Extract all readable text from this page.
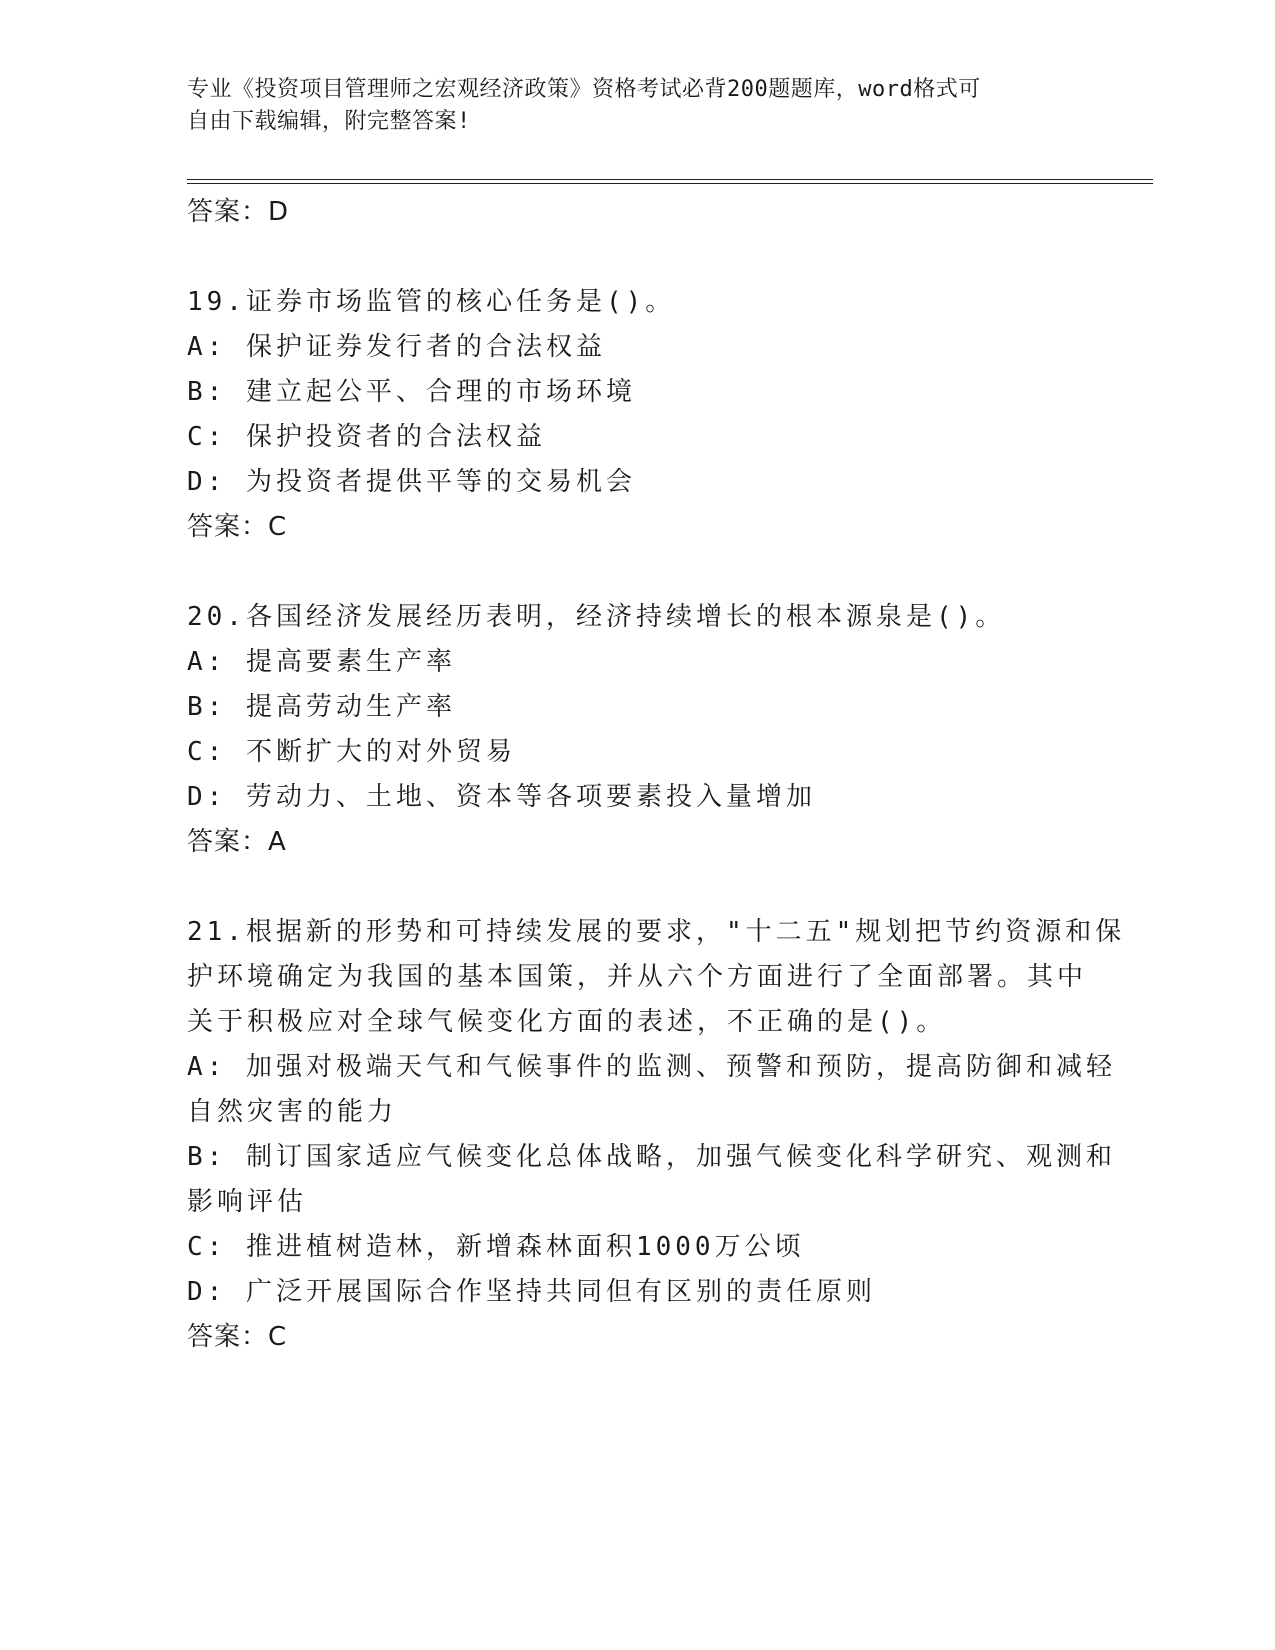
专业《投资项目管理师之宏观经济政策》资格考试必背200题题库，word格式可
自由下载编辑，附完整答案!
答案：D
19.证券市场监管的核心任务是()。
A: 保护证券发行者的合法权益
B: 建立起公平、合理的市场环境
C: 保护投资者的合法权益
D: 为投资者提供平等的交易机会
答案：C
20.各国经济发展经历表明，经济持续增长的根本源泉是()。
A: 提高要素生产率
B: 提高劳动生产率
C: 不断扩大的对外贸易
D: 劳动力、土地、资本等各项要素投入量增加
答案：A
21.根据新的形势和可持续发展的要求，"十二五"规划把节约资源和保
护环境确定为我国的基本国策，并从六个方面进行了全面部署。其中
关于积极应对全球气候变化方面的表述，不正确的是()。
A: 加强对极端天气和气候事件的监测、预警和预防，提高防御和减轻
自然灾害的能力
B: 制订国家适应气候变化总体战略，加强气候变化科学研究、观测和
影响评估
C: 推进植树造林，新增森林面积1000万公顷
D: 广泛开展国际合作坚持共同但有区别的责任原则
答案：C
